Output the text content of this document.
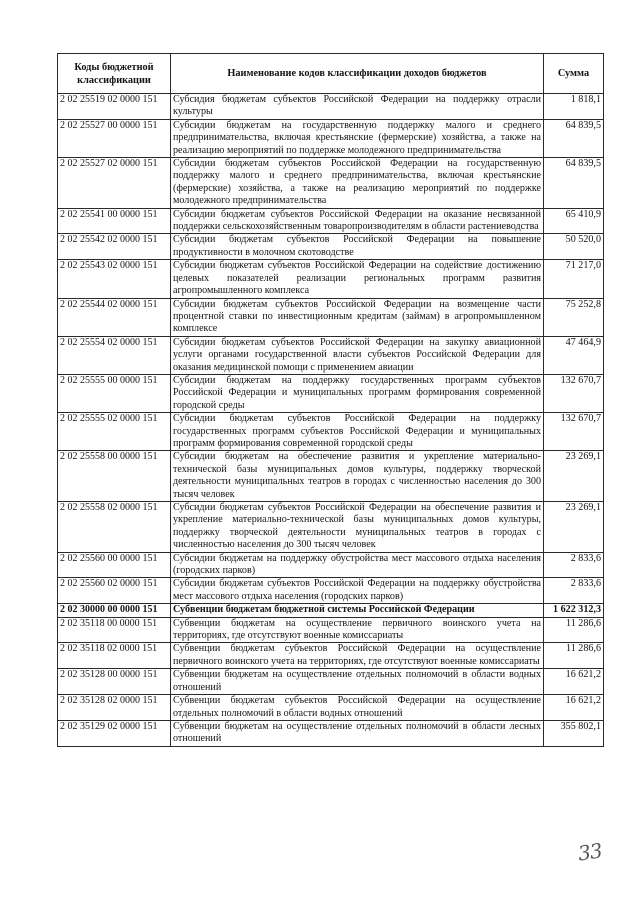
Коды бюджетной классификации	Наименование кодов классификации доходов бюджетов	Сумма
2 02 25519 02 0000 151	Субсидия бюджетам субъектов Российской Федерации на поддержку отрасли культуры	1 818,1
2 02 25527 00 0000 151	Субсидии бюджетам на государственную поддержку малого и среднего предпринимательства, включая крестьянские (фермерские) хозяйства, а также на реализацию мероприятий по поддержке молодежного предпринимательства	64 839,5
2 02 25527 02 0000 151	Субсидии бюджетам субъектов Российской Федерации на государственную поддержку малого и среднего предпринимательства, включая крестьянские (фермерские) хозяйства, а также на реализацию мероприятий по поддержке молодежного предпринимательства	64 839,5
2 02 25541 00 0000 151	Субсидии бюджетам субъектов Российской Федерации на оказание несвязанной поддержки сельскохозяйственным товаропроизводителям в области растениеводства	65 410,9
2 02 25542 02 0000 151	Субсидии бюджетам субъектов Российской Федерации на повышение продуктивности в молочном скотоводстве	50 520,0
2 02 25543 02 0000 151	Субсидии бюджетам субъектов Российской Федерации на содействие достижению целевых показателей реализации региональных программ развития агропромышленного комплекса	71 217,0
2 02 25544 02 0000 151	Субсидии бюджетам субъектов Российской Федерации на возмещение части процентной ставки по инвестиционным кредитам (займам) в агропромышленном комплексе	75 252,8
2 02 25554 02 0000 151	Субсидии бюджетам субъектов Российской Федерации на закупку авиационной услуги органами государственной власти субъектов Российской Федерации для оказания медицинской помощи с применением авиации	47 464,9
2 02 25555 00 0000 151	Субсидии бюджетам на поддержку государственных программ субъектов Российской Федерации и муниципальных программ формирования современной городской среды	132 670,7
2 02 25555 02 0000 151	Субсидии бюджетам субъектов Российской Федерации на поддержку государственных программ субъектов Российской Федерации и муниципальных программ формирования современной городской среды	132 670,7
2 02 25558 00 0000 151	Субсидии бюджетам на обеспечение развития и укрепление материально-технической базы муниципальных домов культуры, поддержку творческой деятельности муниципальных театров в городах с численностью населения до 300 тысяч человек	23 269,1
2 02 25558 02 0000 151	Субсидии бюджетам субъектов Российской Федерации на обеспечение развития и укрепление материально-технической базы муниципальных домов культуры, поддержку творческой деятельности муниципальных театров в городах с численностью населения до 300 тысяч человек	23 269,1
2 02 25560 00 0000 151	Субсидии бюджетам на поддержку обустройства мест массового отдыха населения (городских парков)	2 833,6
2 02 25560 02 0000 151	Субсидии бюджетам субъектов Российской Федерации на поддержку обустройства мест массового отдыха населения (городских парков)	2 833,6
2 02 30000 00 0000 151	Субвенции бюджетам бюджетной системы Российской Федерации	1 622 312,3
2 02 35118 00 0000 151	Субвенции бюджетам на осуществление первичного воинского учета на территориях, где отсутствуют военные комиссариаты	11 286,6
2 02 35118 02 0000 151	Субвенции бюджетам субъектов Российской Федерации на осуществление первичного воинского учета на территориях, где отсутствуют военные комиссариаты	11 286,6
2 02 35128 00 0000 151	Субвенции бюджетам на осуществление отдельных полномочий в области водных отношений	16 621,2
2 02 35128 02 0000 151	Субвенции бюджетам субъектов Российской Федерации на осуществление отдельных полномочий в области водных отношений	16 621,2
2 02 35129 02 0000 151	Субвенции бюджетам на осуществление отдельных полномочий в области лесных отношений	355 802,1
33
